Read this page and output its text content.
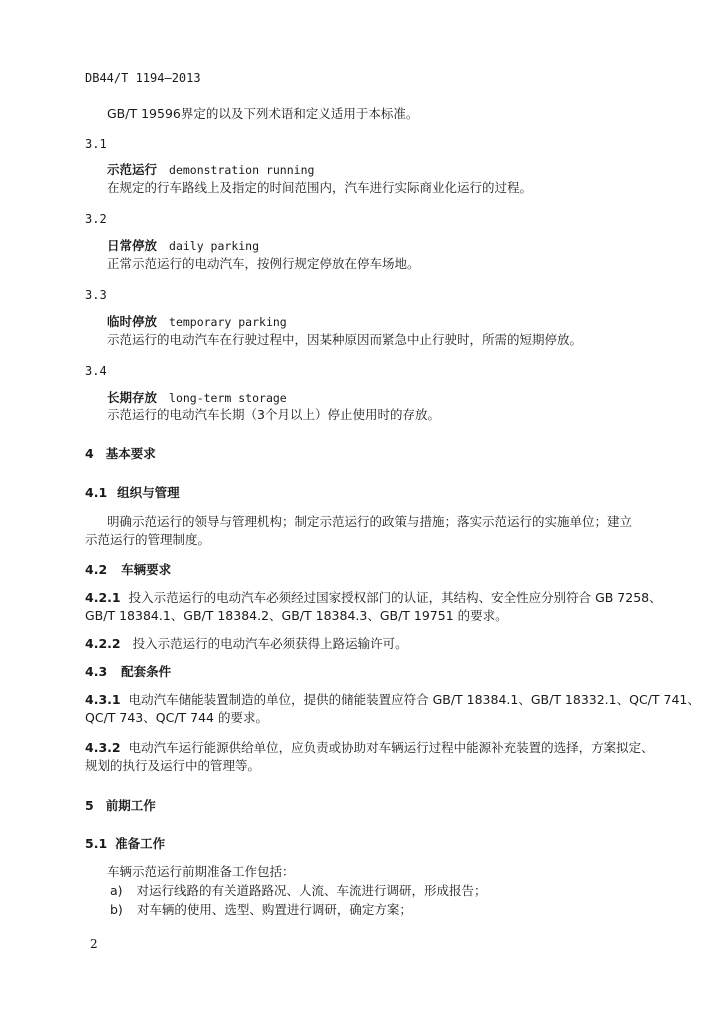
DB44/T 1194—2013
GB/T 19596界定的以及下列术语和定义适用于本标准。
3.1
示范运行 demonstration running
在规定的行车路线上及指定的时间范围内，汽车进行实际商业化运行的过程。
3.2
日常停放 daily parking
正常示范运行的电动汽车，按例行规定停放在停车场地。
3.3
临时停放 temporary parking
示范运行的电动汽车在行驶过程中，因某种原因而紧急中止行驶时，所需的短期停放。
3.4
长期存放 long-term storage
示范运行的电动汽车长期（3个月以上）停止使用时的存放。
4 基本要求
4.1 组织与管理
明确示范运行的领导与管理机构；制定示范运行的政策与措施；落实示范运行的实施单位；建立
示范运行的管理制度。
4.2 车辆要求
4.2.1 投入示范运行的电动汽车必须经过国家授权部门的认证，其结构、安全性应分别符合 GB 7258、
GB/T 18384.1、GB/T 18384.2、GB/T 18384.3、GB/T 19751 的要求。
4.2.2 投入示范运行的电动汽车必须获得上路运输许可。
4.3 配套条件
4.3.1 电动汽车储能装置制造的单位，提供的储能装置应符合 GB/T 18384.1、GB/T 18332.1、QC/T 741、
QC/T 743、QC/T 744 的要求。
4.3.2 电动汽车运行能源供给单位，应负责或协助对车辆运行过程中能源补充装置的选择，方案拟定、
规划的执行及运行中的管理等。
5 前期工作
5.1 准备工作
车辆示范运行前期准备工作包括：
a) 对运行线路的有关道路路况、人流、车流进行调研，形成报告；
b) 对车辆的使用、选型、购置进行调研，确定方案；
2
